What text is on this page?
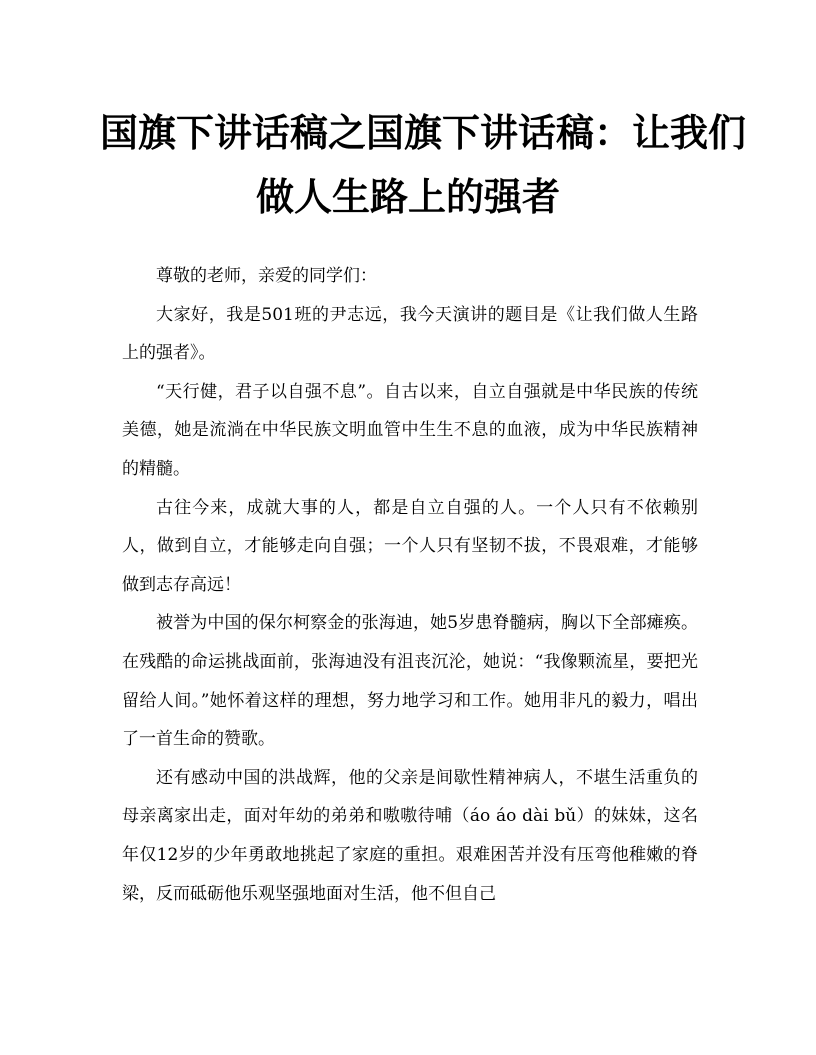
国旗下讲话稿之国旗下讲话稿：让我们
做人生路上的强者

尊敬的老师，亲爱的同学们：

大家好，我是501班的尹志远，我今天演讲的题目是《让我们做人生路上的强者》。

“天行健，君子以自强不息”。自古以来，自立自强就是中华民族的传统美德，她是流淌在中华民族文明血管中生生不息的血液，成为中华民族精神的精髓。

古往今来，成就大事的人，都是自立自强的人。一个人只有不依赖别人，做到自立，才能够走向自强；一个人只有坚韧不拔，不畏艰难，才能够做到志存高远！

被誉为中国的保尔柯察金的张海迪，她5岁患脊髓病，胸以下全部瘫痪。在残酷的命运挑战面前，张海迪没有沮丧沉沦，她说：“我像颗流星，要把光留给人间。”她怀着这样的理想，努力地学习和工作。她用非凡的毅力，唱出了一首生命的赞歌。

还有感动中国的洪战辉，他的父亲是间歇性精神病人，不堪生活重负的母亲离家出走，面对年幼的弟弟和嗷嗷待哺（áo áo dài bǔ）的妹妹，这名年仅12岁的少年勇敢地挑起了家庭的重担。艰难困苦并没有压弯他稚嫩的脊梁，反而砥砺他乐观坚强地面对生活，他不但自己
